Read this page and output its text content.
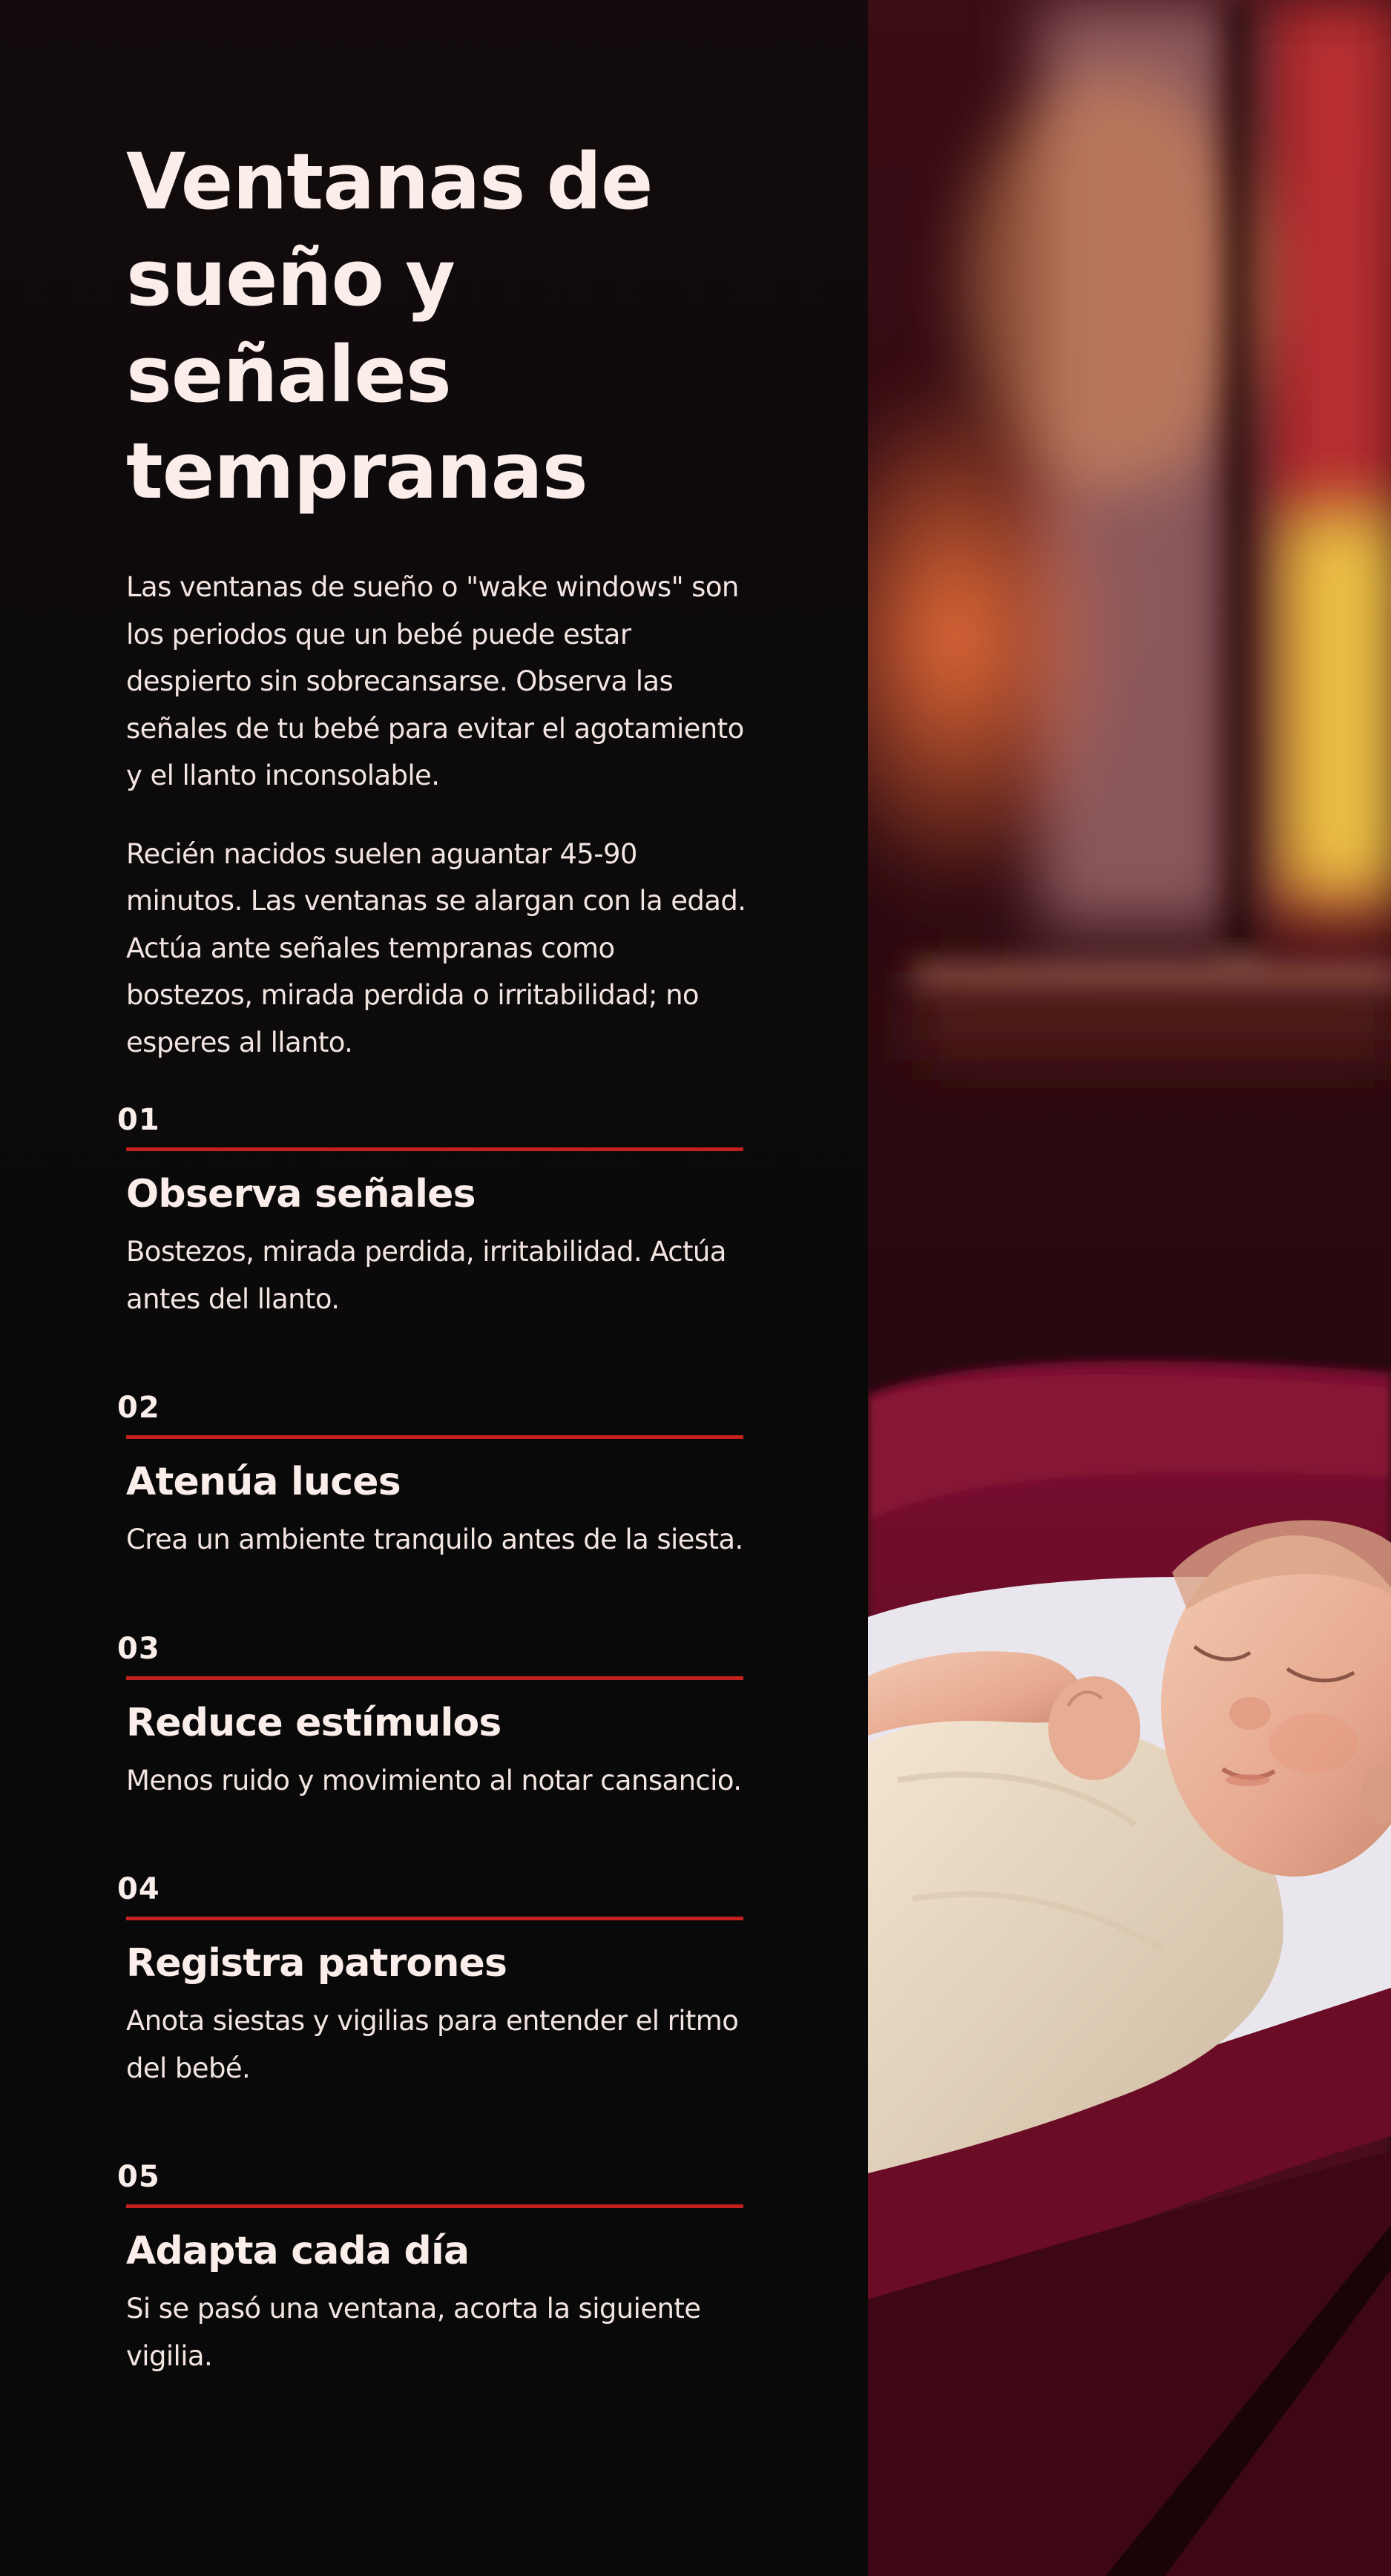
Ventanas de sueño y señales tempranas

Las ventanas de sueño o "wake windows" son los periodos que un bebé puede estar despierto sin sobrecansarse. Observa las señales de tu bebé para evitar el agotamiento y el llanto inconsolable.

Recién nacidos suelen aguantar 45-90 minutos. Las ventanas se alargan con la edad. Actúa ante señales tempranas como bostezos, mirada perdida o irritabilidad; no esperes al llanto.

01
Observa señales

Bostezos, mirada perdida, irritabilidad. Actúa antes del llanto.

02
Atenúa luces

Crea un ambiente tranquilo antes de la siesta.

03
Reduce estímulos

Menos ruido y movimiento al notar cansancio.

04
Registra patrones

Anota siestas y vigilias para entender el ritmo del bebé.

05
Adapta cada día

Si se pasó una ventana, acorta la siguiente vigilia.
